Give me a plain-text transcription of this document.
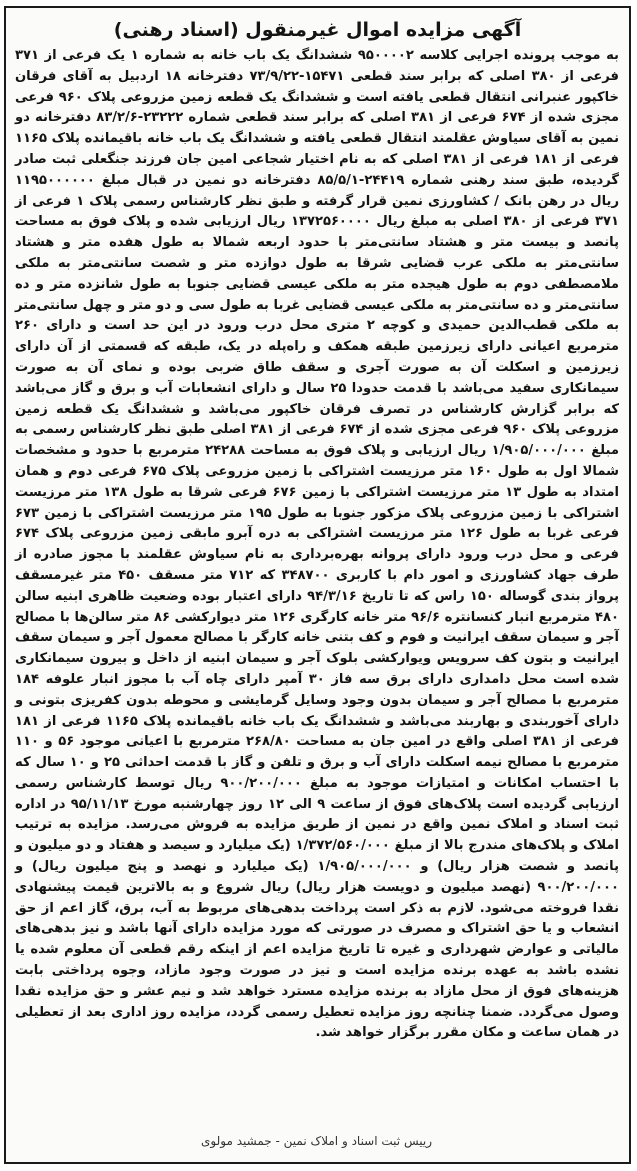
آگهی مزایده اموال غیرمنقول (اسناد رهنی)
به موجب پرونده اجرایی کلاسه ۹۵۰۰۰۰۲ ششدانگ یک باب خانه به شماره ۱ یک فرعی از ۳۷۱ فرعی از ۳۸۰ اصلی که برابر سند قطعی ۱۵۴۷۱-۷۳/۹/۲۲ دفترخانه ۱۸ اردبیل به آقای فرقان خاکپور عنبرانی انتقال قطعی یافته است و ششدانگ یک قطعه زمین مزروعی پلاک ۹۶۰ فرعی مجزی شده از ۶۷۴ فرعی از ۳۸۱ اصلی که برابر سند قطعی شماره ۲۳۲۲۲-۸۳/۲/۶ دفترخانه دو نمین به آقای سیاوش عقلمند انتقال قطعی یافته و ششدانگ یک باب خانه باقیمانده پلاک ۱۱۶۵ فرعی از ۱۸۱ فرعی از ۳۸۱ اصلی که به نام اختیار شجاعی امین جان فرزند جنگعلی ثبت صادر گردیده، طبق سند رهنی شماره ۲۴۴۱۹-۸۵/۵/۱ دفترخانه دو نمین در قبال مبلغ ۱۱۹۵۰۰۰۰۰۰ ریال در رهن بانک / کشاورزی نمین قرار گرفته و طبق نظر کارشناس رسمی پلاک ۱ فرعی از ۳۷۱ فرعی از ۳۸۰ اصلی به مبلغ ریال ۱۳۷۲۵۶۰۰۰۰ ریال ارزیابی شده و پلاک فوق به مساحت پانصد و بیست متر و هشتاد سانتی‌متر با حدود اربعه شمالا به طول هفده متر و هشتاد سانتی‌متر به ملکی عرب قضایی شرقا به طول دوازده متر و شصت سانتی‌متر به ملکی ملامصطفی دوم به طول هیجده متر به ملکی عیسی قضایی جنوبا به طول شانزده متر و ده سانتی‌متر و ده سانتی‌متر به ملکی عیسی قضایی غربا به طول سی و دو متر و چهل سانتی‌متر به ملکی قطب‌الدین حمیدی و کوچه ۲ متری محل درب ورود در این حد است و دارای ۲۶۰ مترمربع اعیانی دارای زیرزمین طبقه همکف و راه‌پله در یک، طبقه که قسمتی از آن دارای زیرزمین و اسکلت آن به صورت آجری و سقف طاق ضربی بوده و نمای آن به صورت سیمانکاری سفید می‌باشد با قدمت حدودا ۲۵ سال و دارای انشعابات آب و برق و گاز می‌باشد که برابر گزارش کارشناس در تصرف فرقان خاکپور می‌باشد و ششدانگ یک قطعه زمین مزروعی پلاک ۹۶۰ فرعی مجزی شده از ۶۷۴ فرعی از ۳۸۱ اصلی طبق نظر کارشناس رسمی به مبلغ ۱/۹۰۵/۰۰۰/۰۰۰ ریال ارزیابی و پلاک فوق به مساحت ۲۴۲۸۸ مترمربع با حدود و مشخصات شمالا اول به طول ۱۶۰ متر مرزیست اشتراکی با زمین مزروعی پلاک ۶۷۵ فرعی دوم و همان امتداد به طول ۱۳ متر مرزیست اشتراکی با زمین ۶۷۶ فرعی شرقا به طول ۱۳۸ متر مرزیست اشتراکی با زمین مزروعی پلاک مزکور جنوبا به طول ۱۹۵ متر مرزیست اشتراکی با زمین ۶۷۳ فرعی غربا به طول ۱۲۶ متر مرزیست اشتراکی به دره آبرو مابقی زمین مزروعی پلاک ۶۷۴ فرعی و محل درب ورود دارای پروانه بهره‌برداری به نام سیاوش عقلمند با مجوز صادره از طرف جهاد کشاورزی و امور دام با کاربری ۳۴۸۷۰۰ که ۷۱۲ متر مسقف ۴۵۰ متر غیرمسقف پرواز بندی گوساله ۱۵۰ راس که تا تاریخ ۹۴/۳/۱۶ دارای اعتبار بوده وضعیت ظاهری ابنیه سالن ۴۸۰ مترمربع انبار کنسانتره ۹۶/۶ متر خانه کارگری ۱۲۶ متر دیوارکشی ۸۶ متر سالن‌ها با مصالح آجر و سیمان سقف ایرانیت و فوم و کف بتنی خانه کارگر با مصالح معمول آجر و سیمان سقف ایرانیت و بتون کف سرویس ویوارکشی بلوک آجر و سیمان ابنیه از داخل و بیرون سیمانکاری شده است محل دامداری دارای برق سه فاز ۳۰ آمپر دارای چاه آب با مجوز انبار علوفه ۱۸۴ مترمربع با مصالح آجر و سیمان بدون وجود وسایل گرمایشی و محوطه بدون کفریزی بتونی و دارای آخوربندی و بهاربند می‌باشد و ششدانگ یک باب خانه باقیمانده پلاک ۱۱۶۵ فرعی از ۱۸۱ فرعی از ۳۸۱ اصلی واقع در امین جان به مساحت ۲۶۸/۸۰ مترمربع با اعیانی موجود ۵۶ و ۱۱۰ مترمربع با مصالح نیمه اسکلت دارای آب و برق و تلفن و گاز با قدمت احداثی ۲۵ و ۱۰ سال که با احتساب امکانات و امتیازات موجود به مبلغ ۹۰۰/۲۰۰/۰۰۰ ریال توسط کارشناس رسمی ارزیابی گردیده است پلاک‌های فوق از ساعت ۹ الی ۱۲ روز چهارشنبه مورخ ۹۵/۱۱/۱۳ در اداره ثبت اسناد و املاک نمین واقع در نمین از طریق مزایده به فروش می‌رسد. مزایده به ترتیب املاک و پلاک‌های مندرج بالا از مبلغ ۱/۳۷۲/۵۶۰/۰۰۰ (یک میلیارد و سیصد و هفتاد و دو میلیون و پانصد و شصت هزار ریال) و ۱/۹۰۵/۰۰۰/۰۰۰ (یک میلیارد و نهصد و پنج میلیون ریال) و ۹۰۰/۲۰۰/۰۰۰ (نهصد میلیون و دویست هزار ریال) ریال شروع و به بالاترین قیمت پیشنهادی نقدا فروخته می‌شود. لازم به ذکر است پرداخت بدهی‌های مربوط به آب، برق، گاز اعم از حق انشعاب و یا حق اشتراک و مصرف در صورتی که مورد مزایده دارای آنها باشد و نیز بدهی‌های مالیاتی و عوارض شهرداری و غیره تا تاریخ مزایده اعم از اینکه رقم قطعی آن معلوم شده یا نشده باشد به عهده برنده مزایده است و نیز در صورت وجود مازاد، وجوه پرداختی بابت هزینه‌های فوق از محل مازاد به برنده مزایده مسترد خواهد شد و نیم عشر و حق مزایده نقدا وصول می‌گردد. ضمنا چنانچه روز مزایده تعطیل رسمی گردد، مزایده روز اداری بعد از تعطیلی در همان ساعت و مکان مقرر برگزار خواهد شد.
رییس ثبت اسناد و املاک نمین - جمشید مولوی
